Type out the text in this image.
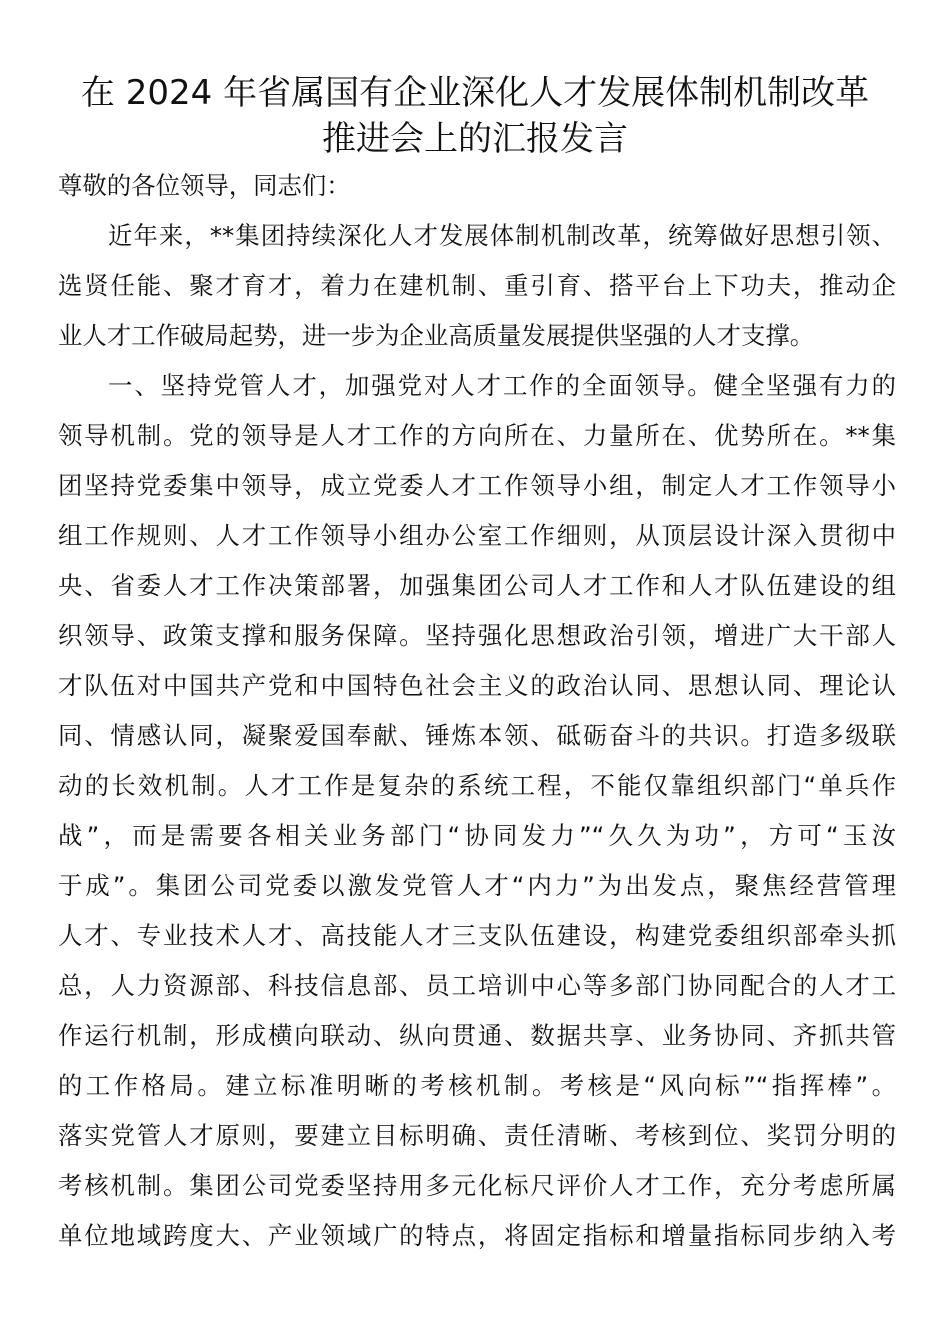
在 2024 年省属国有企业深化人才发展体制机制改革
推进会上的汇报发言
尊敬的各位领导，同志们：
近年来，**集团持续深化人才发展体制机制改革，统筹做好思想引领、
选贤任能、聚才育才，着力在建机制、重引育、搭平台上下功夫，推动企
业人才工作破局起势，进一步为企业高质量发展提供坚强的人才支撑。
一、坚持党管人才，加强党对人才工作的全面领导。健全坚强有力的
领导机制。党的领导是人才工作的方向所在、力量所在、优势所在。**集
团坚持党委集中领导，成立党委人才工作领导小组，制定人才工作领导小
组工作规则、人才工作领导小组办公室工作细则，从顶层设计深入贯彻中
央、省委人才工作决策部署，加强集团公司人才工作和人才队伍建设的组
织领导、政策支撑和服务保障。坚持强化思想政治引领，增进广大干部人
才队伍对中国共产党和中国特色社会主义的政治认同、思想认同、理论认
同、情感认同，凝聚爱国奉献、锤炼本领、砥砺奋斗的共识。打造多级联
动的长效机制。人才工作是复杂的系统工程，不能仅靠组织部门“单兵作
战”，而是需要各相关业务部门“协同发力”“久久为功”，方可“玉汝
于成”。集团公司党委以激发党管人才“内力”为出发点，聚焦经营管理
人才、专业技术人才、高技能人才三支队伍建设，构建党委组织部牵头抓
总，人力资源部、科技信息部、员工培训中心等多部门协同配合的人才工
作运行机制，形成横向联动、纵向贯通、数据共享、业务协同、齐抓共管
的工作格局。建立标准明晰的考核机制。考核是“风向标”“指挥棒”。
落实党管人才原则，要建立目标明确、责任清晰、考核到位、奖罚分明的
考核机制。集团公司党委坚持用多元化标尺评价人才工作，充分考虑所属
单位地域跨度大、产业领域广的特点，将固定指标和增量指标同步纳入考
